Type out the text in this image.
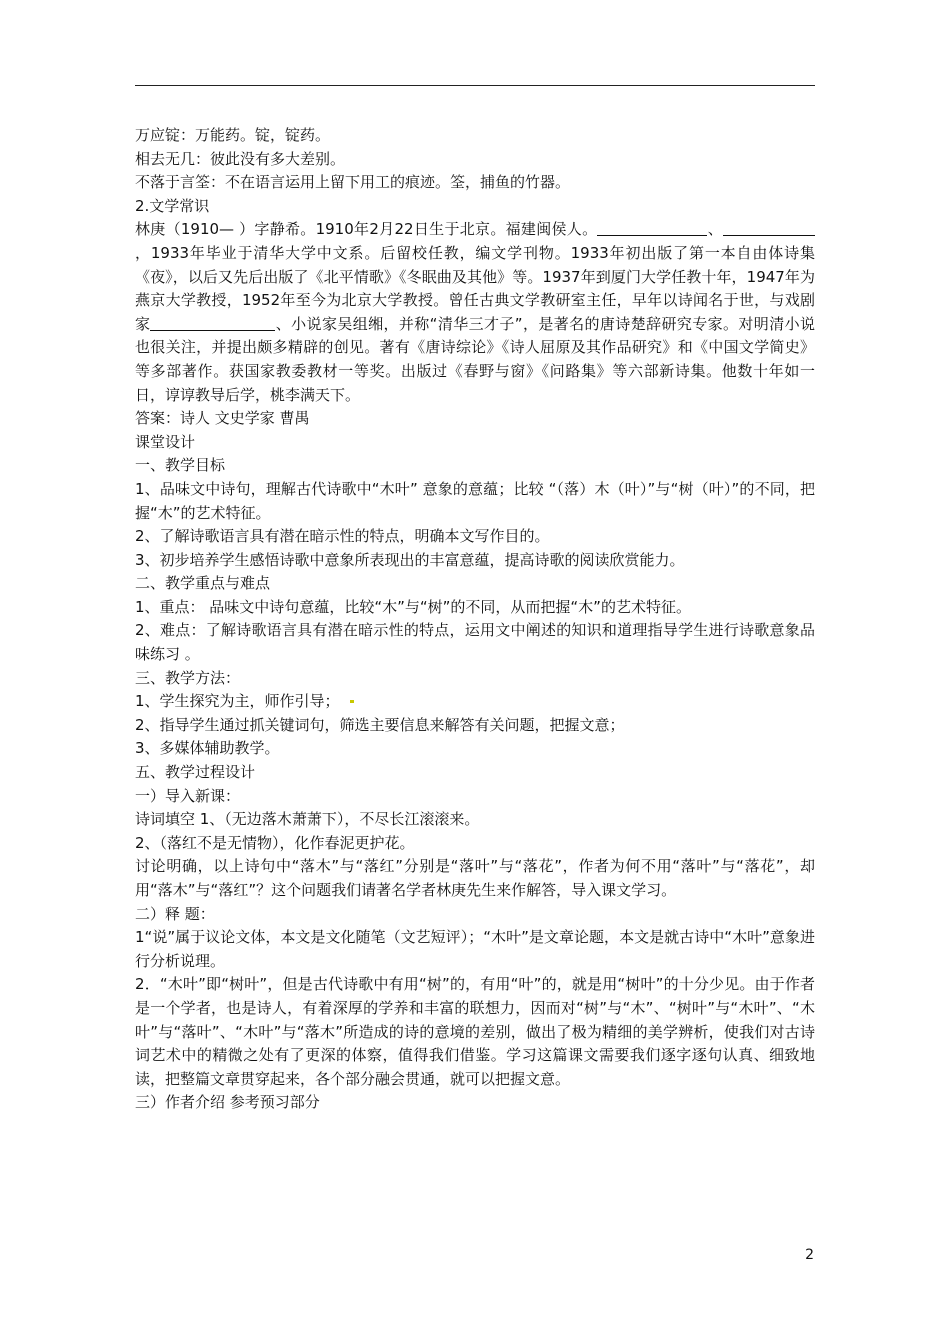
万应锭：万能药。锭，锭药。

相去无几：彼此没有多大差别。

不落于言筌：不在语言运用上留下用工的痕迹。筌，捕鱼的竹器。

2.文学常识

林庚（1910— ）字静希。1910年2月22日生于北京。福建闽侯人。	、，1933年毕业于清华大学中文系。后留校任教，编文学刊物。1933年初出版了第一本自由体诗集《夜》，以后又先后出版了《北平情歌》《冬眠曲及其他》等。1937年到厦门大学任教十年，1947年为燕京大学教授，1952年至今为北京大学教授。曾任古典文学教研室主任，早年以诗闻名于世，与戏剧家	、小说家吴组缃，并称“清华三才子”，是著名的唐诗楚辞研究专家。对明清小说也很关注，并提出颇多精辟的创见。著有《唐诗综论》《诗人屈原及其作品研究》和《中国文学简史》等多部著作。获国家教委教材一等奖。出版过《春野与窗》《问路集》等六部新诗集。他数十年如一日，谆谆教导后学，桃李满天下。

答案：诗人 文史学家 曹禺

课堂设计

一、教学目标

1、品味文中诗句，理解古代诗歌中“木叶” 意象的意蕴；比较 “（落）木（叶）”与“树（叶）”的不同，把握“木”的艺术特征。

2、了解诗歌语言具有潜在暗示性的特点，明确本文写作目的。

3、初步培养学生感悟诗歌中意象所表现出的丰富意蕴，提高诗歌的阅读欣赏能力。

二、教学重点与难点

1、重点： 品味文中诗句意蕴，比较“木”与“树”的不同，从而把握“木”的艺术特征。

2、难点：了解诗歌语言具有潜在暗示性的特点，运用文中阐述的知识和道理指导学生进行诗歌意象品味练习 。

三、教学方法：

1、学生探究为主，师作引导；

2、指导学生通过抓关键词句，筛选主要信息来解答有关问题，把握文意；

3、多媒体辅助教学。

五、教学过程设计

一）导入新课：

诗词填空 1、（无边落木萧萧下），不尽长江滚滚来。

2、（落红不是无情物），化作春泥更护花。

讨论明确，以上诗句中“落木”与“落红”分别是“落叶”与“落花”，作者为何不用“落叶”与“落花”，却用“落木”与“落红”？这个问题我们请著名学者林庚先生来作解答，导入课文学习。

二）释 题：

1“说”属于议论文体，本文是文化随笔（文艺短评）；“木叶”是文章论题，本文是就古诗中“木叶”意象进行分析说理。

2．“木叶”即“树叶”，但是古代诗歌中有用“树”的，有用“叶”的，就是用“树叶”的十分少见。由于作者是一个学者，也是诗人，有着深厚的学养和丰富的联想力，因而对“树”与“木”、“树叶”与“木叶”、“木叶”与“落叶”、“木叶”与“落木”所造成的诗的意境的差别，做出了极为精细的美学辨析，使我们对古诗词艺术中的精微之处有了更深的体察，值得我们借鉴。学习这篇课文需要我们逐字逐句认真、细致地读，把整篇文章贯穿起来，各个部分融会贯通，就可以把握文意。

三）作者介绍 参考预习部分

2
